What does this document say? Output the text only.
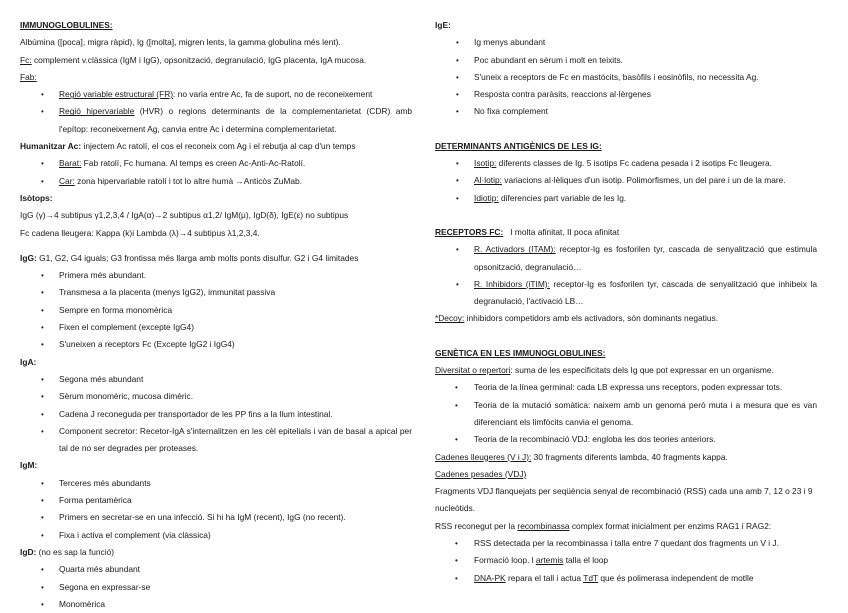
IMMUNOGLOBULINES:
Albúmina ([poca], migra ràpid), Ig ([molta], migren lents, la gamma globulina més lent).
Fc: complement v.clàssica (IgM i IgG), opsonització, degranulació, IgG placenta, IgA mucosa.
Fab:
• Regió variable estructural (FR): no varia entre Ac, fa de suport, no de reconeixement
• Regió hipervariable (HVR) o regions determinants de la complementarietat (CDR) amb l'epítop: reconeixement Ag, canvia entre Ac i determina complementarietat.
Humanitzar Ac: injectem Ac ratolí, el cos el reconeix com Ag i el rebutja al cap d'un temps
• Barat: Fab ratolí, Fc humana. Al temps es creen Ac-Anti-Ac-Ratolí.
• Car: zona hipervariable ratolí i tot lo altre humà →Anticòs ZuMab.
Isòtops:
IgG (γ)→4 subtipus γ1,2,3,4 / IgA(α)→2 subtipus α1,2/ IgM(μ), IgD(δ), IgE(ε) no subtipus
Fc cadena lleugera: Kappa (k)i Lambda (λ)→4 subtipus λ1,2,3,4.
IgG: G1, G2, G4 iguals; G3 frontissa més llarga amb molts ponts disulfur. G2 i G4 limitades
• Primera més abundant.
• Transmesa a la placenta (menys IgG2), immunitat passiva
• Sempre en forma monomèrica
• Fixen el complement (excepte IgG4)
• S'uneixen a receptors Fc (Excepte IgG2 i IgG4)
IgA:
• Segona més abundant
• Sèrum monomèric, mucosa dimèric.
• Cadena J reconeguda per transportador de les PP fins a la llum intestinal.
• Component secretor: Recetor-IgA s'internalitzen en les cèl epitelials i van de basal a apical per tal de no ser degrades per proteases.
IgM:
• Terceres més abundants
• Forma pentamèrica
• Primers en secretar-se en una infecció. Si hi ha IgM (recent), IgG (no recent).
• Fixa i activa el complement (via clàssica)
IgD: (no es sap la funció)
• Quarta més abundant
• Segona en expressar-se
• Monomèrica
IgE:
• Ig menys abundant
• Poc abundant en sèrum i molt en teixits.
• S'uneix a receptors de Fc en mastòcits, basòfils i eosinòfils, no necessita Ag.
• Resposta contra paràsits, reaccions al·lèrgenes
• No fixa complement
DETERMINANTS ANTIGÈNICS DE LES IG:
• Isotip: diferents classes de Ig. 5 isotips Fc cadena pesada i 2 isotips Fc lleugera.
• Al·lotip: variacions al·lèliques d'un isotip. Polimorfismes, un del pare i un de la mare.
• Idiotip: diferencies part variable de les Ig.
RECEPTORS FC:   I molta afinitat, II poca afinitat
• R. Activadors (ITAM): receptor-Ig es fosforilen tyr, cascada de senyalització que estimula opsonització, degranulació…
• R. Inhibidors (iTIM): receptor-Ig es fosforilen tyr, cascada de senyalització que inhibeix la degranulació, l'activació LB…
*Decoy: inhibidors competidors amb els activadors, són dominants negatius.
GENÈTICA EN LES IMMUNOGLOBULINES:
Diversitat o repertori: suma de les especificitats dels Ig que pot expressar en un organisme.
• Teoria de la línea germinal: cada LB expressa uns receptors, poden expressar tots.
• Teoria de la mutació somàtica: naixem amb un genoma però muta i a mesura que es van diferenciant els limfòcits canvia el genoma.
• Teoria de la recombinació VDJ: engloba les dos teories anteriors.
Cadenes lleugeres (V i J): 30 fragments diferents lambda, 40 fragments kappa.
Cadenes pesades (VDJ)
Fragments VDJ flanquejats per seqüència senyal de recombinació (RSS) cada una amb 7, 12 o 23 i 9 nucleòtids.
RSS reconegut per la recombinassa complex format inicialment per enzims RAG1 i RAG2:
• RSS detectada per la recombinassa i talla entre 7 quedant dos fragments un V i J.
• Formació loop. l artemis talla el loop
• DNA-PK repara el tall i actua TdT que és polimerasa independent de motlle
